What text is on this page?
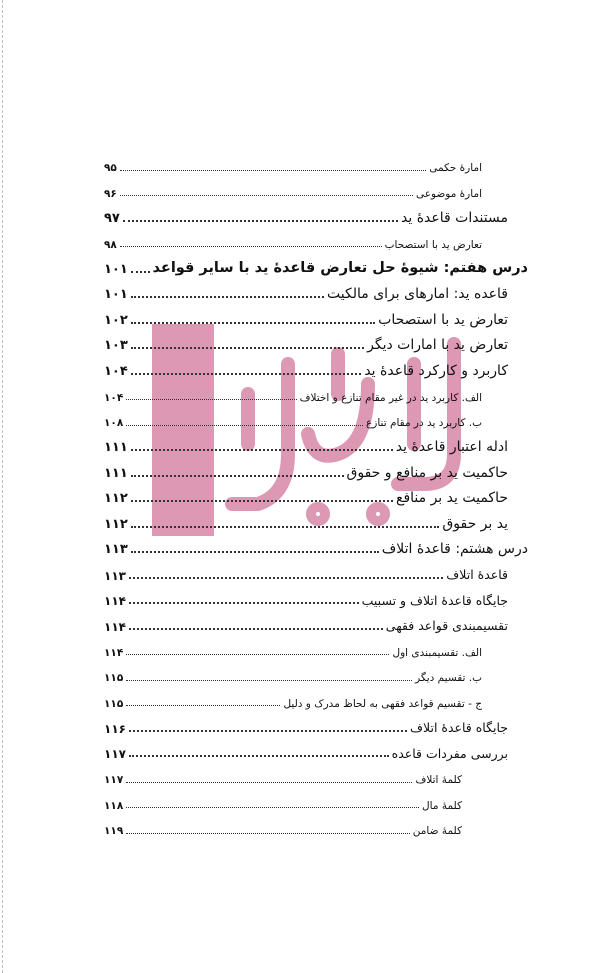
امارهٔ حکمی
۹۵
امارهٔ موضوعی
۹۶
مستندات قاعدهٔ ید
۹۷
تعارض ید با استصحاب
۹۸
درس هفتم: شیوهٔ حل تعارض قاعدهٔ ید با سایر قواعد
۱۰۱
قاعده ید: امارهای برای مالکیت
۱۰۱
تعارض ید با استصحاب
۱۰۲
تعارض ید با امارات دیگر
۱۰۳
کاربرد و کارکرد قاعدهٔ ید
۱۰۴
الف. کاربرد ید در غیر مقام تنازع و اختلاف
۱۰۴
ب. کاربرد ید در مقام تنازع
۱۰۸
ادله اعتبار قاعدهٔ ید
۱۱۱
حاکمیت ید بر منافع و حقوق
۱۱۱
حاکمیت ید بر منافع
۱۱۲
ید بر حقوق
۱۱۲
درس هشتم: قاعدهٔ اتلاف
۱۱۳
قاعدهٔ اتلاف
۱۱۳
جایگاه قاعدهٔ اتلاف و تسبیب
۱۱۴
تقسیمبندی قواعد فقهی
۱۱۴
الف. تقسیمبندی اول
۱۱۴
ب. تقسیم دیگر
۱۱۵
ج - تقسیم قواعد فقهی به لحاظ مدرک و دلیل
۱۱۵
جایگاه قاعدهٔ اتلاف
۱۱۶
بررسی مفردات قاعده
۱۱۷
کلمهٔ اتلاف
۱۱۷
کلمهٔ مال
۱۱۸
کلمهٔ ضامن
۱۱۹
